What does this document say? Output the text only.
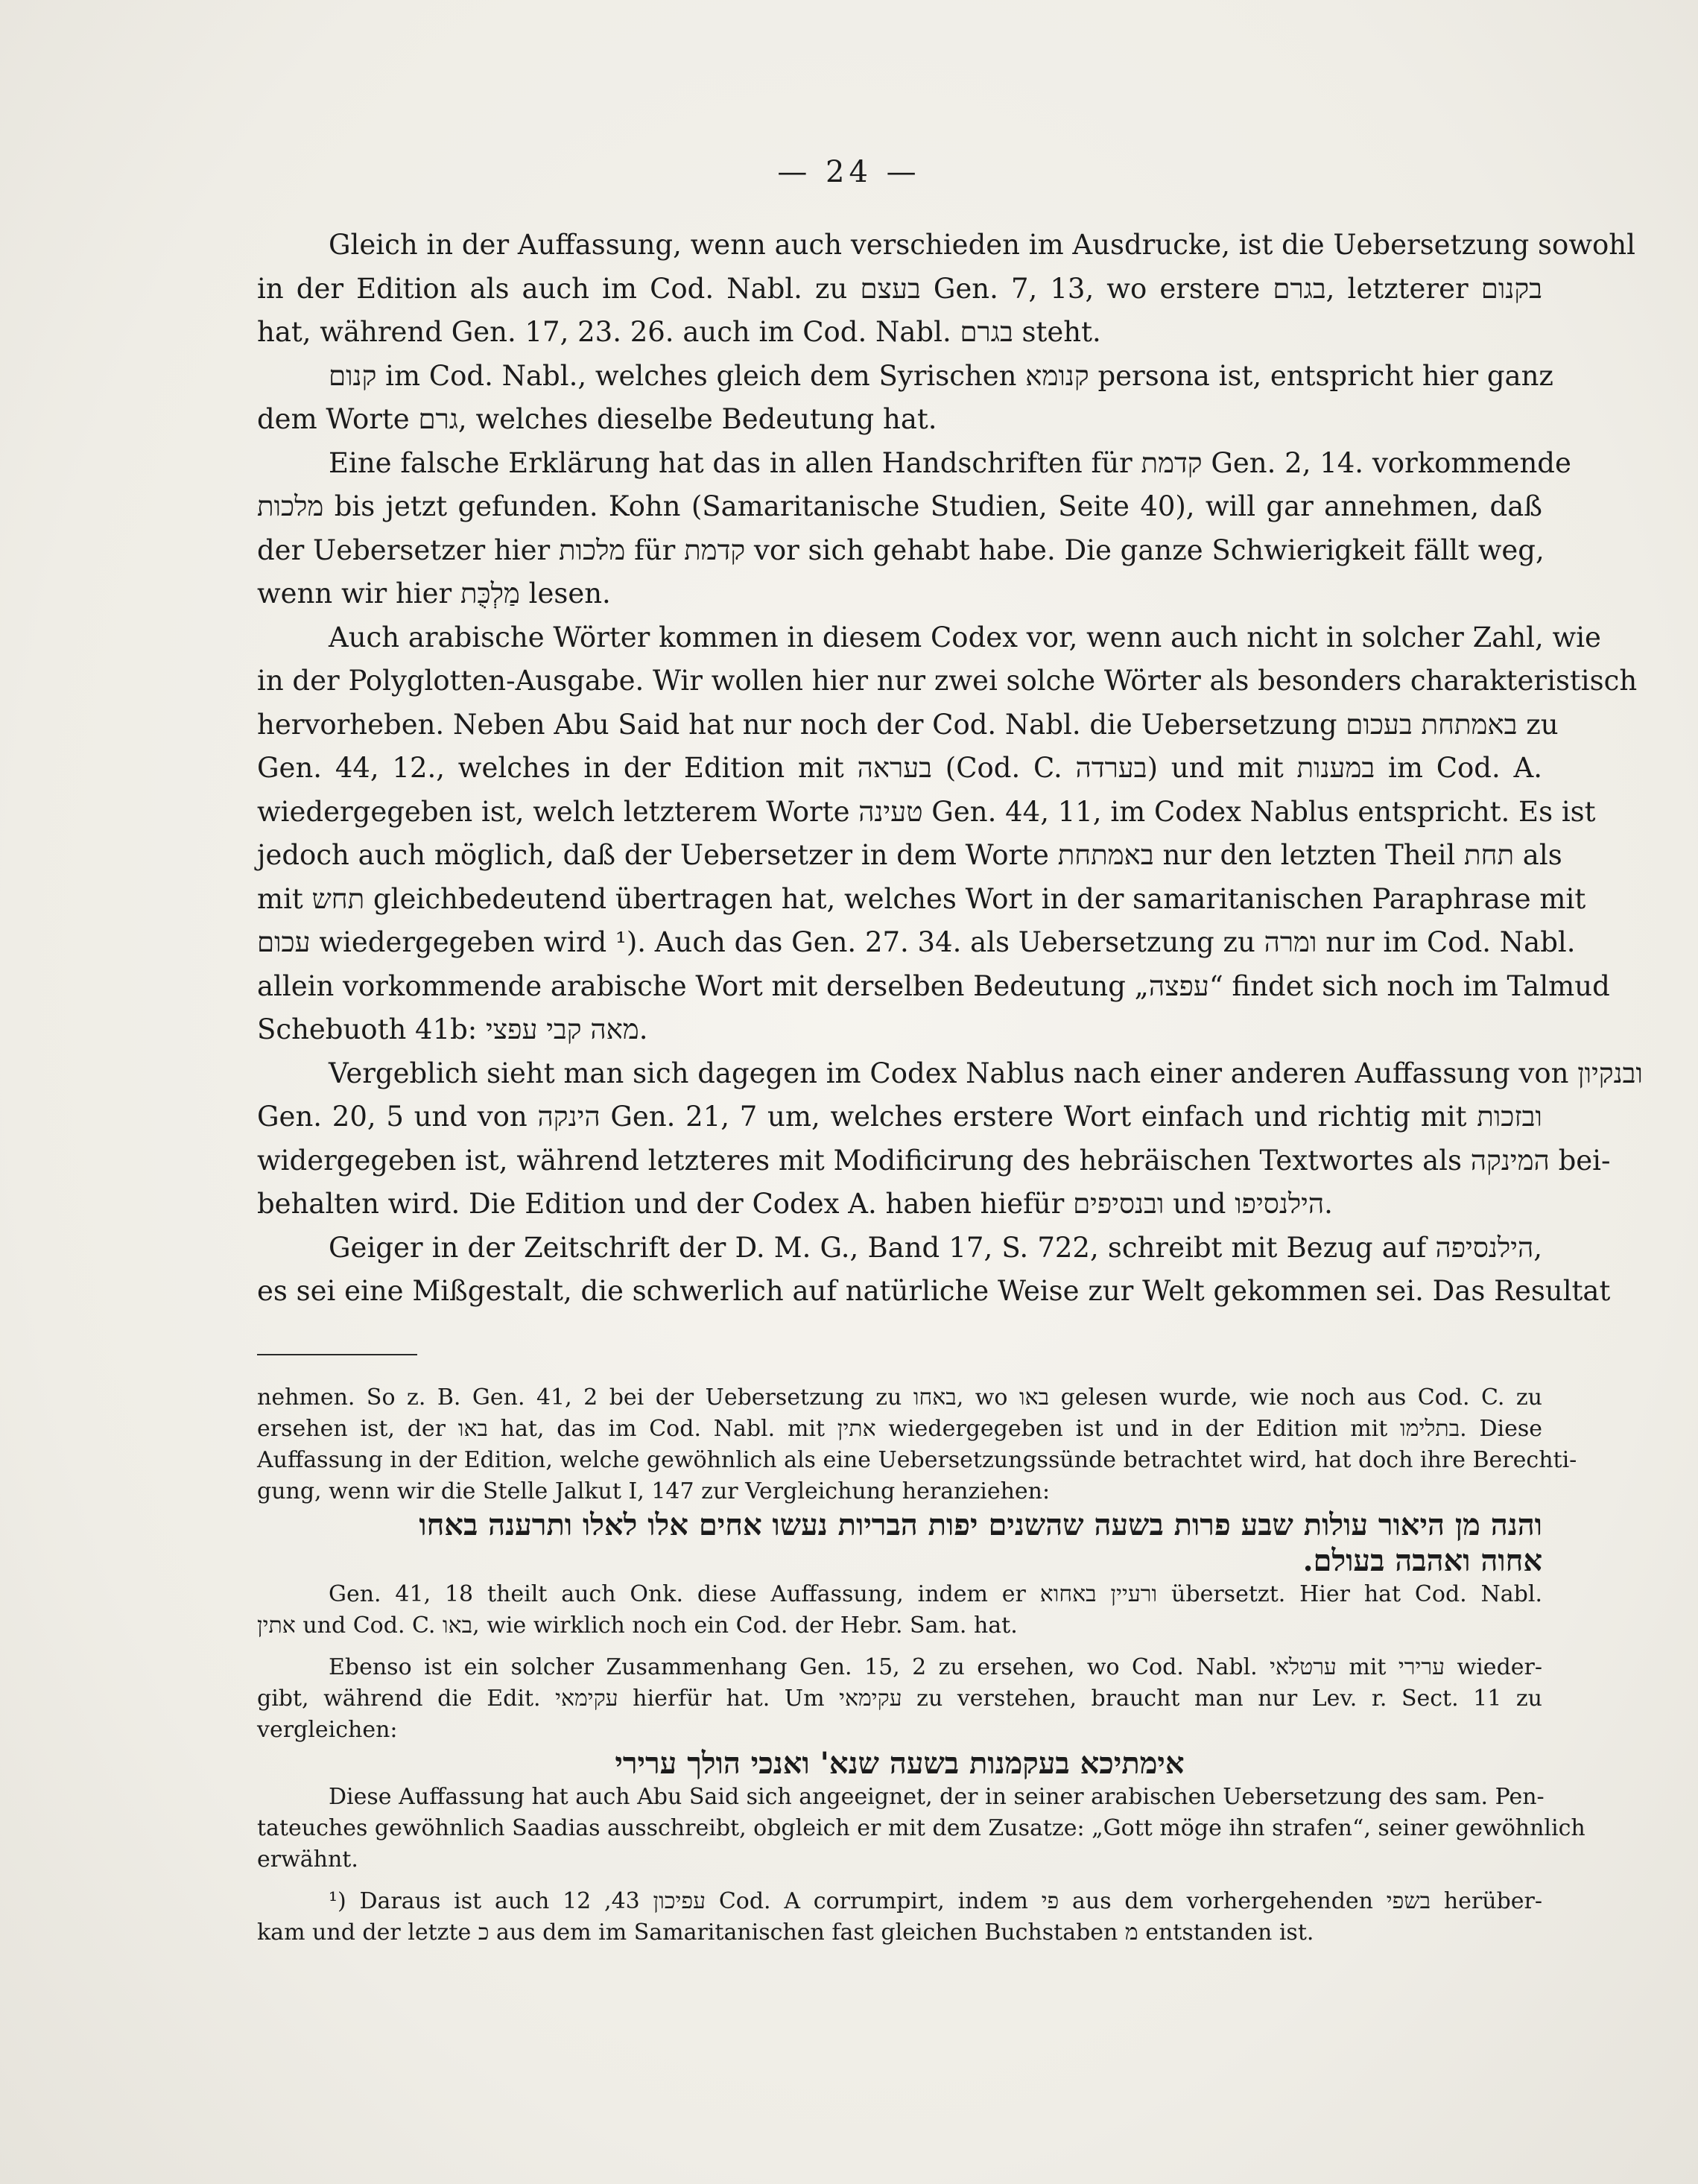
— 24 —
Gleich in der Auffassung, wenn auch verschieden im Ausdrucke, ist die Uebersetzung sowohl
in der Edition als auch im Cod. Nabl. zu בעצם Gen. 7, 13, wo erstere בגרם, letzterer בקנום
hat, während Gen. 17, 23. 26. auch im Cod. Nabl. בגרם steht.
קנום im Cod. Nabl., welches gleich dem Syrischen קנומא persona ist, entspricht hier ganz
dem Worte גרם, welches dieselbe Bedeutung hat.
Eine falsche Erklärung hat das in allen Handschriften für קדמת Gen. 2, 14. vorkommende
מלכות bis jetzt gefunden. Kohn (Samaritanische Studien, Seite 40), will gar annehmen, daß
der Uebersetzer hier מלכות für קדמת vor sich gehabt habe. Die ganze Schwierigkeit fällt weg,
wenn wir hier מַלְכֻּת lesen.
Auch arabische Wörter kommen in diesem Codex vor, wenn auch nicht in solcher Zahl, wie
in der Polyglotten-Ausgabe. Wir wollen hier nur zwei solche Wörter als besonders charakteristisch
hervorheben. Neben Abu Said hat nur noch der Cod. Nabl. die Uebersetzung באמתחת בעכום zu
Gen. 44, 12., welches in der Edition mit בעראה (Cod. C. בערדה) und mit במענות im Cod. A.
wiedergegeben ist, welch letzterem Worte טעינה Gen. 44, 11, im Codex Nablus entspricht. Es ist
jedoch auch möglich, daß der Uebersetzer in dem Worte באמתחת nur den letzten Theil תחת als
mit תחש gleichbedeutend übertragen hat, welches Wort in der samaritanischen Paraphrase mit
עכום wiedergegeben wird ¹). Auch das Gen. 27. 34. als Uebersetzung zu ומרה nur im Cod. Nabl.
allein vorkommende arabische Wort mit derselben Bedeutung „עפצה“ findet sich noch im Talmud
Schebuoth 41b: מאה קבי עפצי.
Vergeblich sieht man sich dagegen im Codex Nablus nach einer anderen Auffassung von ובנקיון
Gen. 20, 5 und von הינקה Gen. 21, 7 um, welches erstere Wort einfach und richtig mit ובזכות
widergegeben ist, während letzteres mit Modificirung des hebräischen Textwortes als המינקה bei-
behalten wird. Die Edition und der Codex A. haben hiefür ובנסיפים und הילנסיפו.
Geiger in der Zeitschrift der D. M. G., Band 17, S. 722, schreibt mit Bezug auf הילנסיפה,
es sei eine Mißgestalt, die schwerlich auf natürliche Weise zur Welt gekommen sei. Das Resultat
nehmen. So z. B. Gen. 41, 2 bei der Uebersetzung zu באחו, wo באו gelesen wurde, wie noch aus Cod. C. zu
ersehen ist, der באו hat, das im Cod. Nabl. mit אתין wiedergegeben ist und in der Edition mit בתלימו. Diese
Auffassung in der Edition, welche gewöhnlich als eine Uebersetzungssünde betrachtet wird, hat doch ihre Berechti-
gung, wenn wir die Stelle Jalkut I, 147 zur Vergleichung heranziehen:
והנה מן היאור עולות שבע פרות בשעה שהשנים יפות הבריות נעשו אחים אלו לאלו ותרענה באחו
אחוה ואהבה בעולם.
Gen. 41, 18 theilt auch Onk. diese Auffassung, indem er ורעיין באחוא übersetzt. Hier hat Cod. Nabl.
אתין und Cod. C. באו, wie wirklich noch ein Cod. der Hebr. Sam. hat.
Ebenso ist ein solcher Zusammenhang Gen. 15, 2 zu ersehen, wo Cod. Nabl. ערטלאי mit ערירי wieder-
gibt, während die Edit. עקימאי hierfür hat. Um עקימאי zu verstehen, braucht man nur Lev. r. Sect. 11 zu
vergleichen:
אימתיכא בעקמנות בשעה שנא' ואנכי הולך ערירי
Diese Auffassung hat auch Abu Said sich angeeignet, der in seiner arabischen Uebersetzung des sam. Pen-
tateuches gewöhnlich Saadias ausschreibt, obgleich er mit dem Zusatze: „Gott möge ihn strafen“, seiner gewöhnlich
erwähnt.
¹) Daraus ist auch עפיכון 43, 12 Cod. A corrumpirt, indem פי aus dem vorhergehenden בשפי herüber-
kam und der letzte כ aus dem im Samaritanischen fast gleichen Buchstaben מ entstanden ist.
